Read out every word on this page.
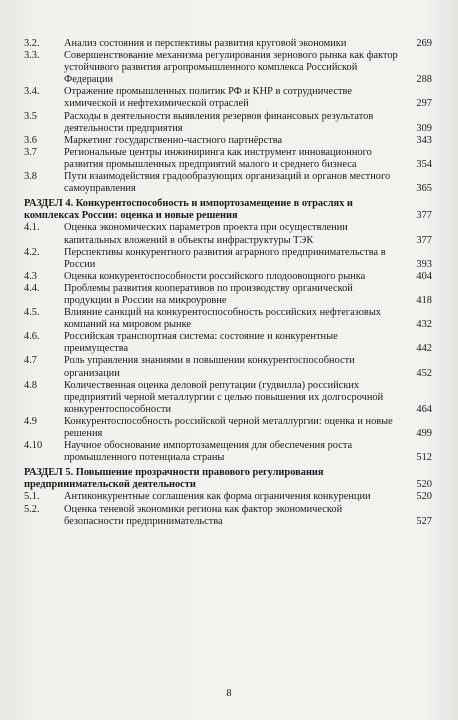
3.2.	Анализ состояния и перспективы развития круговой экономики	269
3.3.	Совершенствование механизма регулирования зернового рынка как фактор устойчивого развития агропромышленного комплекса Российской Федерации	288
3.4.	Отражение промышленных политик РФ и КНР в сотрудничестве химической и нефтехимической отраслей	297
3.5	Расходы в деятельности выявления резервов финансовых результатов деятельности предприятия	309
3.6	Маркетинг государственно-частного партнёрства	343
3.7	Региональные центры инжиниринга как инструмент инновационного развития промышленных предприятий малого и среднего бизнеса	354
3.8	Пути взаимодействия градообразующих организаций и органов местного самоуправления	365
РАЗДЕЛ 4. Конкурентоспособность и импортозамещение в отраслях и комплексах России: оценка и новые решения	377
4.1.	Оценка экономических параметров проекта при осуществлении капитальных вложений в объекты инфраструктуры ТЭК	377
4.2.	Перспективы конкурентного развития аграрного предпринимательства в России	393
4.3	Оценка конкурентоспособности российского плодоовощного рынка	404
4.4.	Проблемы развития кооперативов по производству органической продукции в России на микроуровне	418
4.5.	Влияние санкций на конкурентоспособность российских нефтегазовых компаний на мировом рынке	432
4.6.	Российская транспортная система: состояние и конкурентные преимущества	442
4.7	Роль управления знаниями в повышении конкурентоспособности организации	452
4.8	Количественная оценка деловой репутации (гудвилла) российских предприятий черной металлургии с целью повышения их долгосрочной конкурентоспособности	464
4.9	Конкурентоспособность российской черной металлургии: оценка и новые решения	499
4.10	Научное обоснование импортозамещения для обеспечения роста промышленного потенциала страны	512
РАЗДЕЛ 5. Повышение прозрачности правового регулирования предпринимательской деятельности	520
5.1.	Антиконкурентные соглашения как форма ограничения конкуренции	520
5.2.	Оценка теневой экономики региона как фактор экономической безопасности предпринимательства	527
8
